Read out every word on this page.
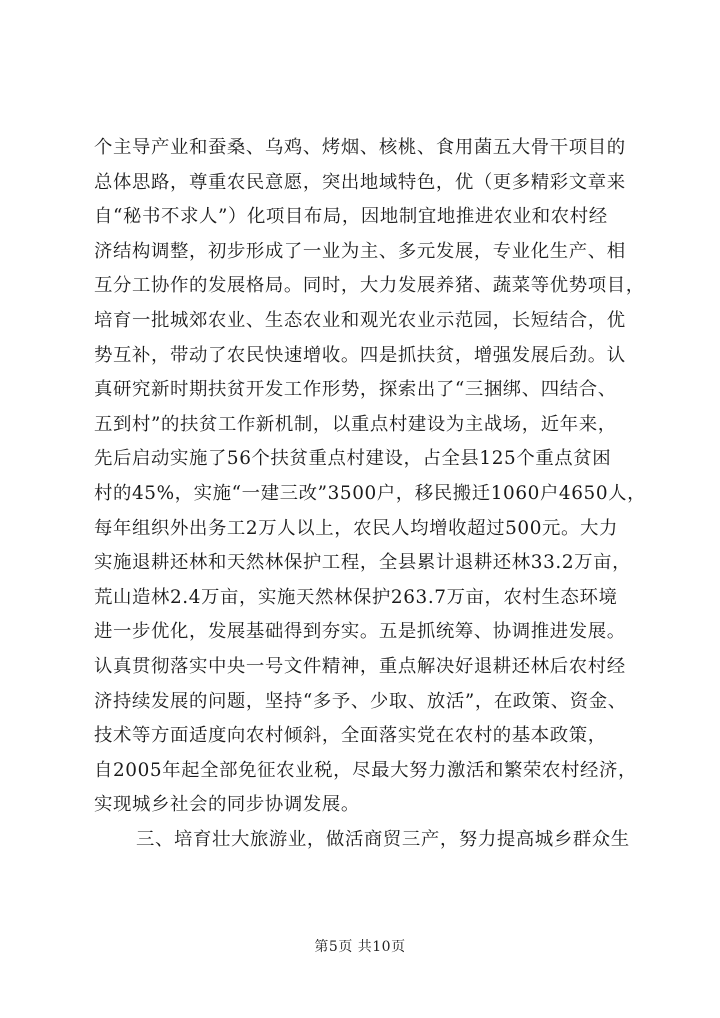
个主导产业和蚕桑、乌鸡、烤烟、核桃、食用菌五大骨干项目的
总体思路，尊重农民意愿，突出地域特色，优（更多精彩文章来
自“秘书不求人”）化项目布局，因地制宜地推进农业和农村经
济结构调整，初步形成了一业为主、多元发展，专业化生产、相
互分工协作的发展格局。同时，大力发展养猪、蔬菜等优势项目，
培育一批城郊农业、生态农业和观光农业示范园，长短结合，优
势互补，带动了农民快速增收。四是抓扶贫，增强发展后劲。认
真研究新时期扶贫开发工作形势，探索出了“三捆绑、四结合、
五到村”的扶贫工作新机制，以重点村建设为主战场，近年来，
先后启动实施了56个扶贫重点村建设，占全县125个重点贫困
村的45%，实施“一建三改”3500户，移民搬迁1060户4650人，
每年组织外出务工2万人以上，农民人均增收超过500元。大力
实施退耕还林和天然林保护工程，全县累计退耕还林33.2万亩，
荒山造林2.4万亩，实施天然林保护263.7万亩，农村生态环境
进一步优化，发展基础得到夯实。五是抓统筹、协调推进发展。
认真贯彻落实中央一号文件精神，重点解决好退耕还林后农村经
济持续发展的问题，坚持“多予、少取、放活”，在政策、资金、
技术等方面适度向农村倾斜，全面落实党在农村的基本政策，
自2005年起全部免征农业税，尽最大努力激活和繁荣农村经济，
实现城乡社会的同步协调发展。
三、培育壮大旅游业，做活商贸三产，努力提高城乡群众生
第5页 共10页
